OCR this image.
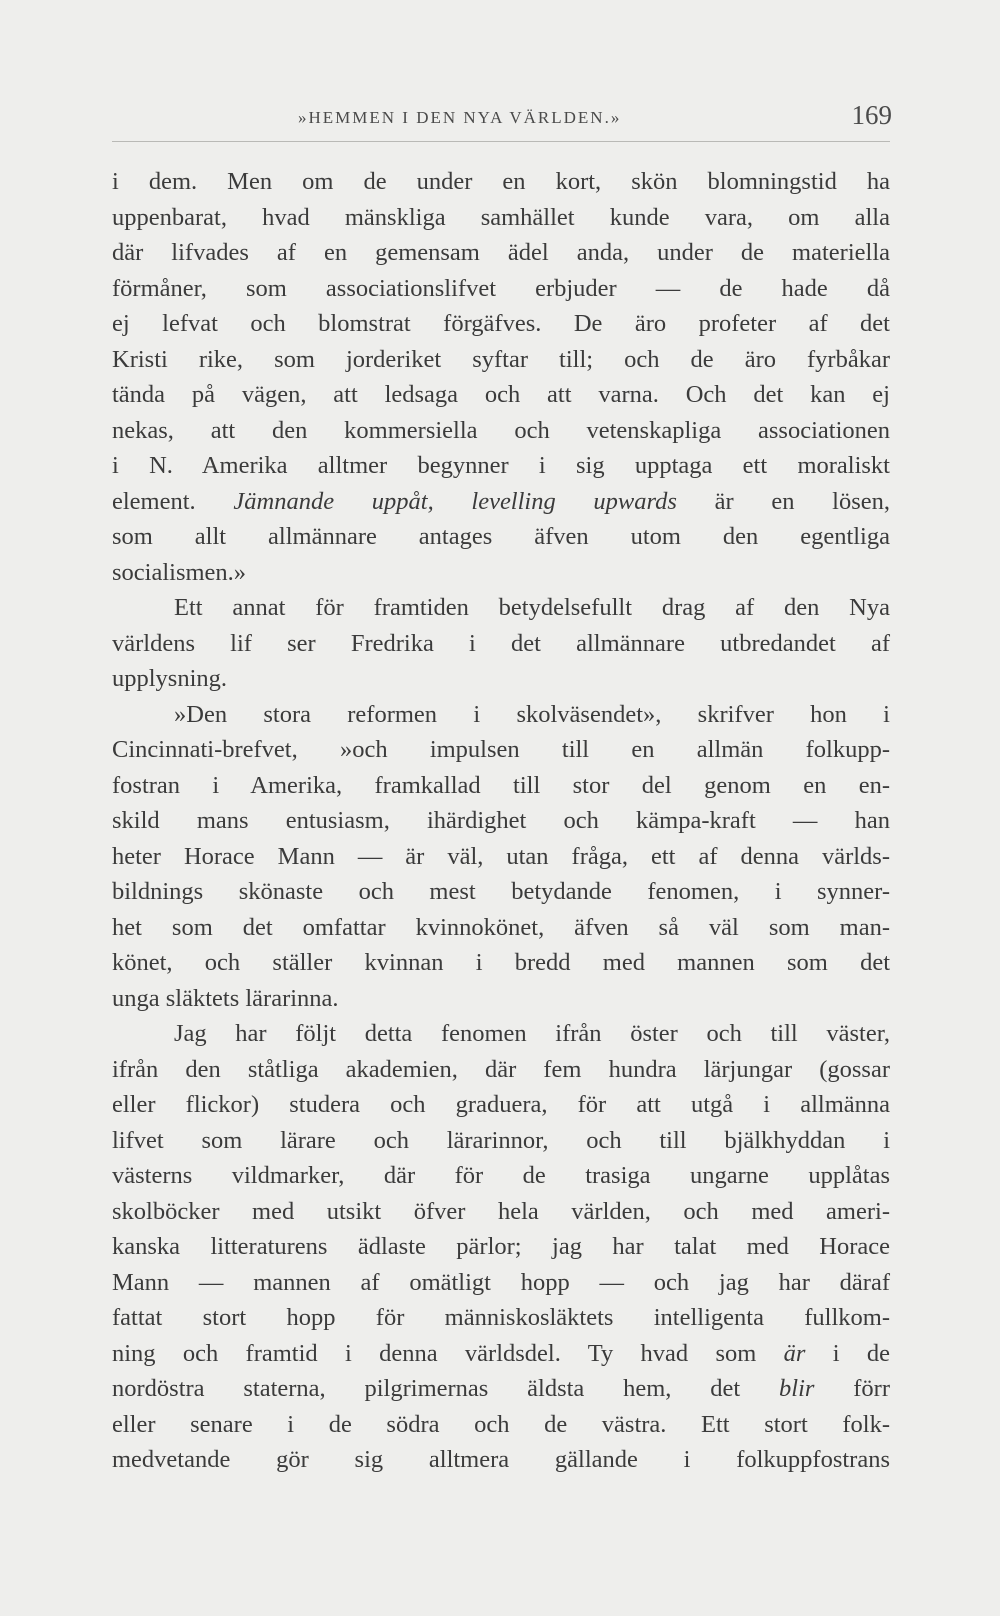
»HEMMEN I DEN NYA VÄRLDEN.»	169
i dem. Men om de under en kort, skön blomningstid ha
uppenbarat, hvad mänskliga samhället kunde vara, om alla
där lifvades af en gemensam ädel anda, under de materiella
förmåner, som associationslifvet erbjuder — de hade då
ej lefvat och blomstrat förgäfves. De äro profeter af det
Kristi rike, som jorderiket syftar till; och de äro fyrbåkar
tända på vägen, att ledsaga och att varna. Och det kan ej
nekas, att den kommersiella och vetenskapliga associationen
i N. Amerika alltmer begynner i sig upptaga ett moraliskt
element. Jämnande uppåt, levelling upwards är en lösen,
som allt allmännare antages äfven utom den egentliga
socialismen.»
Ett annat för framtiden betydelsefullt drag af den Nya
världens lif ser Fredrika i det allmännare utbredandet af
upplysning.
»Den stora reformen i skolväsendet», skrifver hon i
Cincinnati-brefvet, »och impulsen till en allmän folkupp-
fostran i Amerika, framkallad till stor del genom en en-
skild mans entusiasm, ihärdighet och kämpa-kraft — han
heter Horace Mann — är väl, utan fråga, ett af denna världs-
bildnings skönaste och mest betydande fenomen, i synner-
het som det omfattar kvinnokönet, äfven så väl som man-
könet, och ställer kvinnan i bredd med mannen som det
unga släktets lärarinna.
Jag har följt detta fenomen ifrån öster och till väster,
ifrån den ståtliga akademien, där fem hundra lärjungar (gossar
eller flickor) studera och graduera, för att utgå i allmänna
lifvet som lärare och lärarinnor, och till bjälkhyddan i
västerns vildmarker, där för de trasiga ungarne upplåtas
skolböcker med utsikt öfver hela världen, och med ameri-
kanska litteraturens ädlaste pärlor; jag har talat med Horace
Mann — mannen af omätligt hopp — och jag har däraf
fattat stort hopp för människosläktets intelligenta fullkom-
ning och framtid i denna världsdel. Ty hvad som är i de
nordöstra staterna, pilgrimernas äldsta hem, det blir förr
eller senare i de södra och de västra. Ett stort folk-
medvetande gör sig alltmera gällande i folkuppfostrans
